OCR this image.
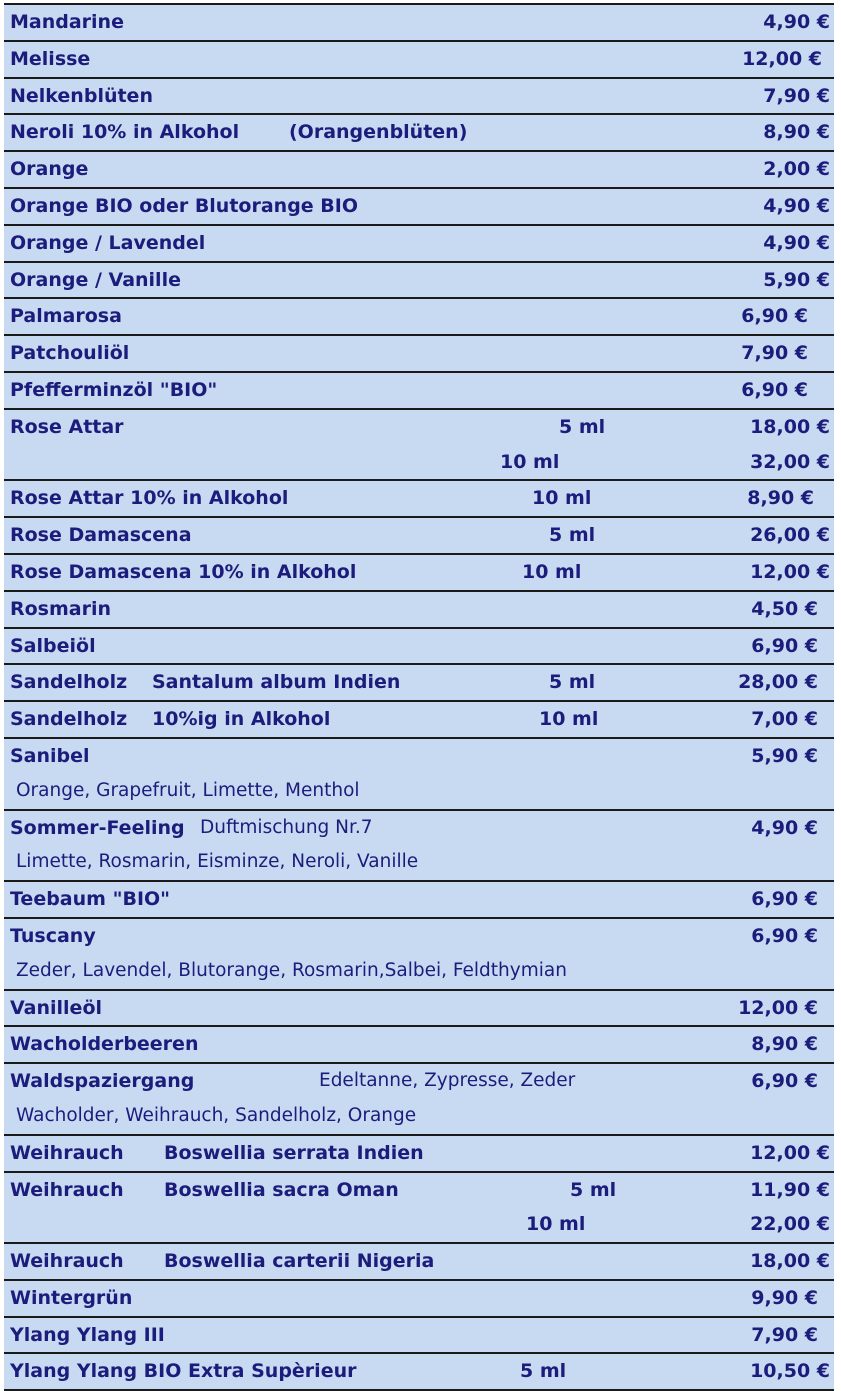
Mandarine	4,90 €
Melisse	12,00 €
Nelkenblüten	7,90 €
Neroli 10% in Alkohol	(Orangenblüten)	8,90 €
Orange	2,00 €
Orange BIO oder Blutorange BIO	4,90 €
Orange / Lavendel	4,90 €
Orange / Vanille	5,90 €
Palmarosa	6,90 €
Patchouliöl	7,90 €
Pfefferminzöl "BIO"	6,90 €
Rose Attar	5 ml	18,00 €
10 ml	32,00 €
Rose Attar 10% in Alkohol	10 ml	8,90 €
Rose Damascena	5 ml	26,00 €
Rose Damascena 10% in Alkohol	10 ml	12,00 €
Rosmarin	4,50 €
Salbeiöl	6,90 €
Sandelholz Santalum album Indien	5 ml	28,00 €
Sandelholz 10%ig in Alkohol	10 ml	7,00 €
Sanibel	5,90 €
Orange, Grapefruit, Limette, Menthol
Sommer-Feeling Duftmischung Nr.7	4,90 €
Limette, Rosmarin, Eisminze, Neroli, Vanille
Teebaum "BIO"	6,90 €
Tuscany	6,90 €
Zeder, Lavendel, Blutorange, Rosmarin,Salbei, Feldthymian
Vanilleöl	12,00 €
Wacholderbeeren	8,90 €
Waldspaziergang	Edeltanne, Zypresse, Zeder	6,90 €
Wacholder, Weihrauch, Sandelholz, Orange
Weihrauch Boswellia serrata Indien	12,00 €
Weihrauch Boswellia sacra Oman	5 ml	11,90 €
10 ml	22,00 €
Weihrauch Boswellia carterii Nigeria	18,00 €
Wintergrün	9,90 €
Ylang Ylang III	7,90 €
Ylang Ylang BIO Extra Supèrieur	5 ml	10,50 €
